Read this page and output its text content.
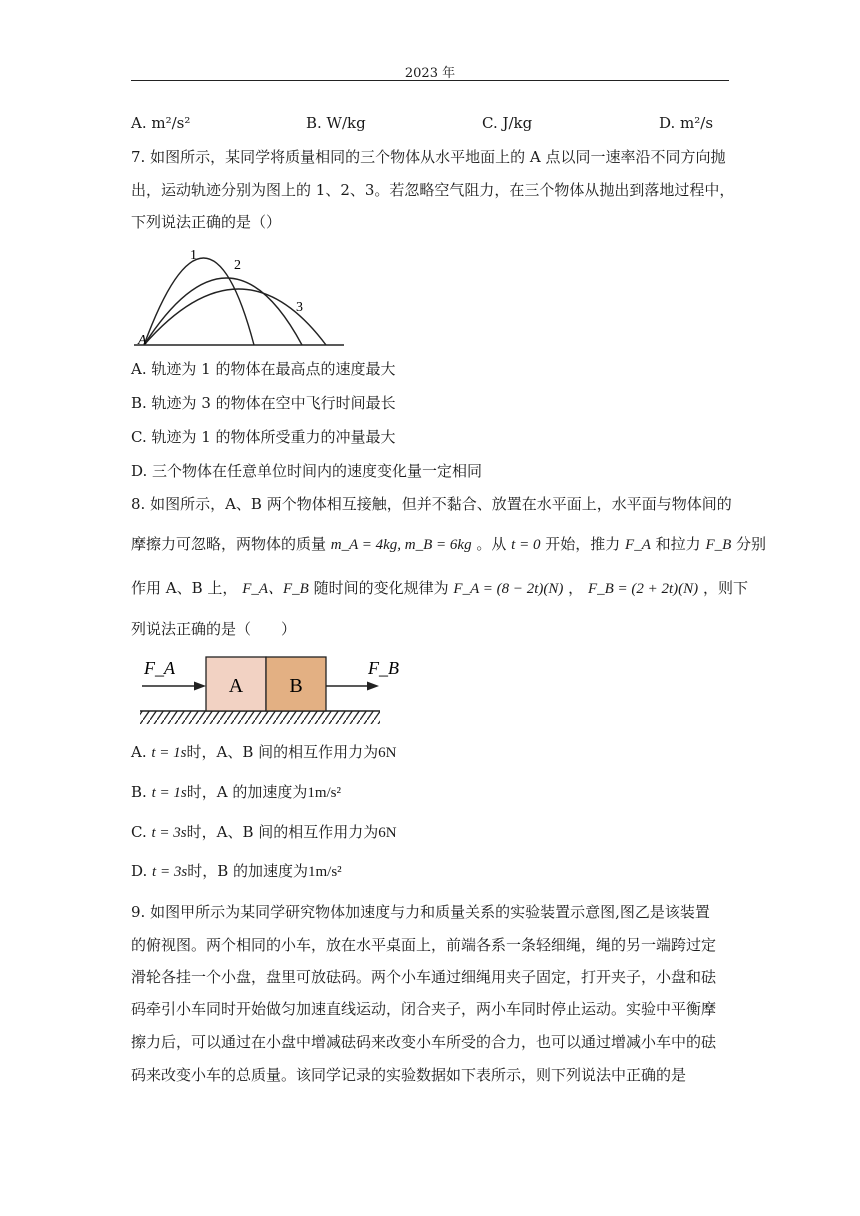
2023 年
A. m²/s²	B. W/kg	C. J/kg	D. m²/s
7. 如图所示，某同学将质量相同的三个物体从水平地面上的 A 点以同一速率沿不同方向抛
出，运动轨迹分别为图上的 1、2、3。若忽略空气阻力，在三个物体从抛出到落地过程中，
下列说法正确的是（）
1
2
3
A
A. 轨迹为 1 的物体在最高点的速度最大
B. 轨迹为 3 的物体在空中飞行时间最长
C. 轨迹为 1 的物体所受重力的冲量最大
D. 三个物体在任意单位时间内的速度变化量一定相同
8. 如图所示，A、B 两个物体相互接触，但并不黏合、放置在水平面上，水平面与物体间的
摩擦力可忽略，两物体的质量 m_A = 4kg, m_B = 6kg 。从 t = 0 开始，推力 F_A 和拉力 F_B 分别
作用 A、B 上， F_A、F_B 随时间的变化规律为 F_A = (8 − 2t)(N) ， F_B = (2 + 2t)(N) ，则下
列说法正确的是（　　）
A B
F_A	F_B
A. t = 1s时，A、B 间的相互作用力为6N
B. t = 1s时，A 的加速度为1m/s²
C. t = 3s时，A、B 间的相互作用力为6N
D. t = 3s时，B 的加速度为1m/s²
9. 如图甲所示为某同学研究物体加速度与力和质量关系的实验装置示意图,图乙是该装置
的俯视图。两个相同的小车，放在水平桌面上，前端各系一条轻细绳，绳的另一端跨过定
滑轮各挂一个小盘，盘里可放砝码。两个小车通过细绳用夹子固定，打开夹子，小盘和砝
码牵引小车同时开始做匀加速直线运动，闭合夹子，两小车同时停止运动。实验中平衡摩
擦力后，可以通过在小盘中增减砝码来改变小车所受的合力，也可以通过增减小车中的砝
码来改变小车的总质量。该同学记录的实验数据如下表所示，则下列说法中正确的是
